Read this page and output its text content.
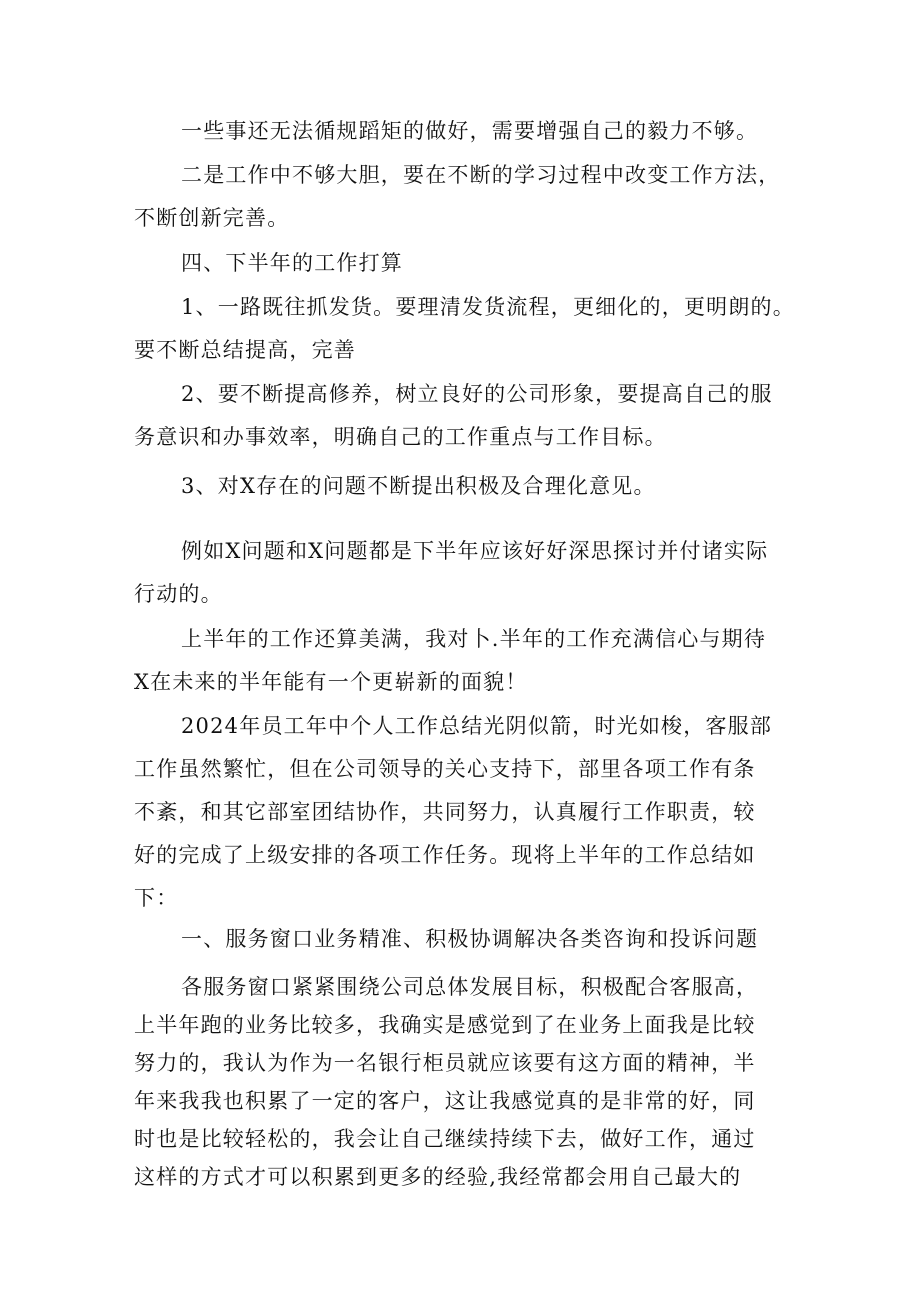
一些事还无法循规蹈矩的做好，需要增强自己的毅力不够。
二是工作中不够大胆，要在不断的学习过程中改变工作方法，
不断创新完善。
四、下半年的工作打算
1、一路既往抓发货。要理清发货流程，更细化的，更明朗的。
要不断总结提高，完善
2、要不断提高修养，树立良好的公司形象，要提高自己的服
务意识和办事效率，明确自己的工作重点与工作目标。
3、对X存在的问题不断提出积极及合理化意见。
例如X问题和X问题都是下半年应该好好深思探讨并付诸实际
行动的。
上半年的工作还算美满，我对卜.半年的工作充满信心与期待
X在未来的半年能有一个更崭新的面貌！
2024年员工年中个人工作总结光阴似箭，时光如梭，客服部
工作虽然繁忙，但在公司领导的关心支持下，部里各项工作有条
不紊，和其它部室团结协作，共同努力，认真履行工作职责，较
好的完成了上级安排的各项工作任务。现将上半年的工作总结如
下：
一、服务窗口业务精准、积极协调解决各类咨询和投诉问题
各服务窗口紧紧围绕公司总体发展目标，积极配合客服高，
上半年跑的业务比较多，我确实是感觉到了在业务上面我是比较
努力的，我认为作为一名银行柜员就应该要有这方面的精神，半
年来我我也积累了一定的客户，这让我感觉真的是非常的好，同
时也是比较轻松的，我会让自己继续持续下去，做好工作，通过
这样的方式才可以积累到更多的经验,我经常都会用自己最大的
